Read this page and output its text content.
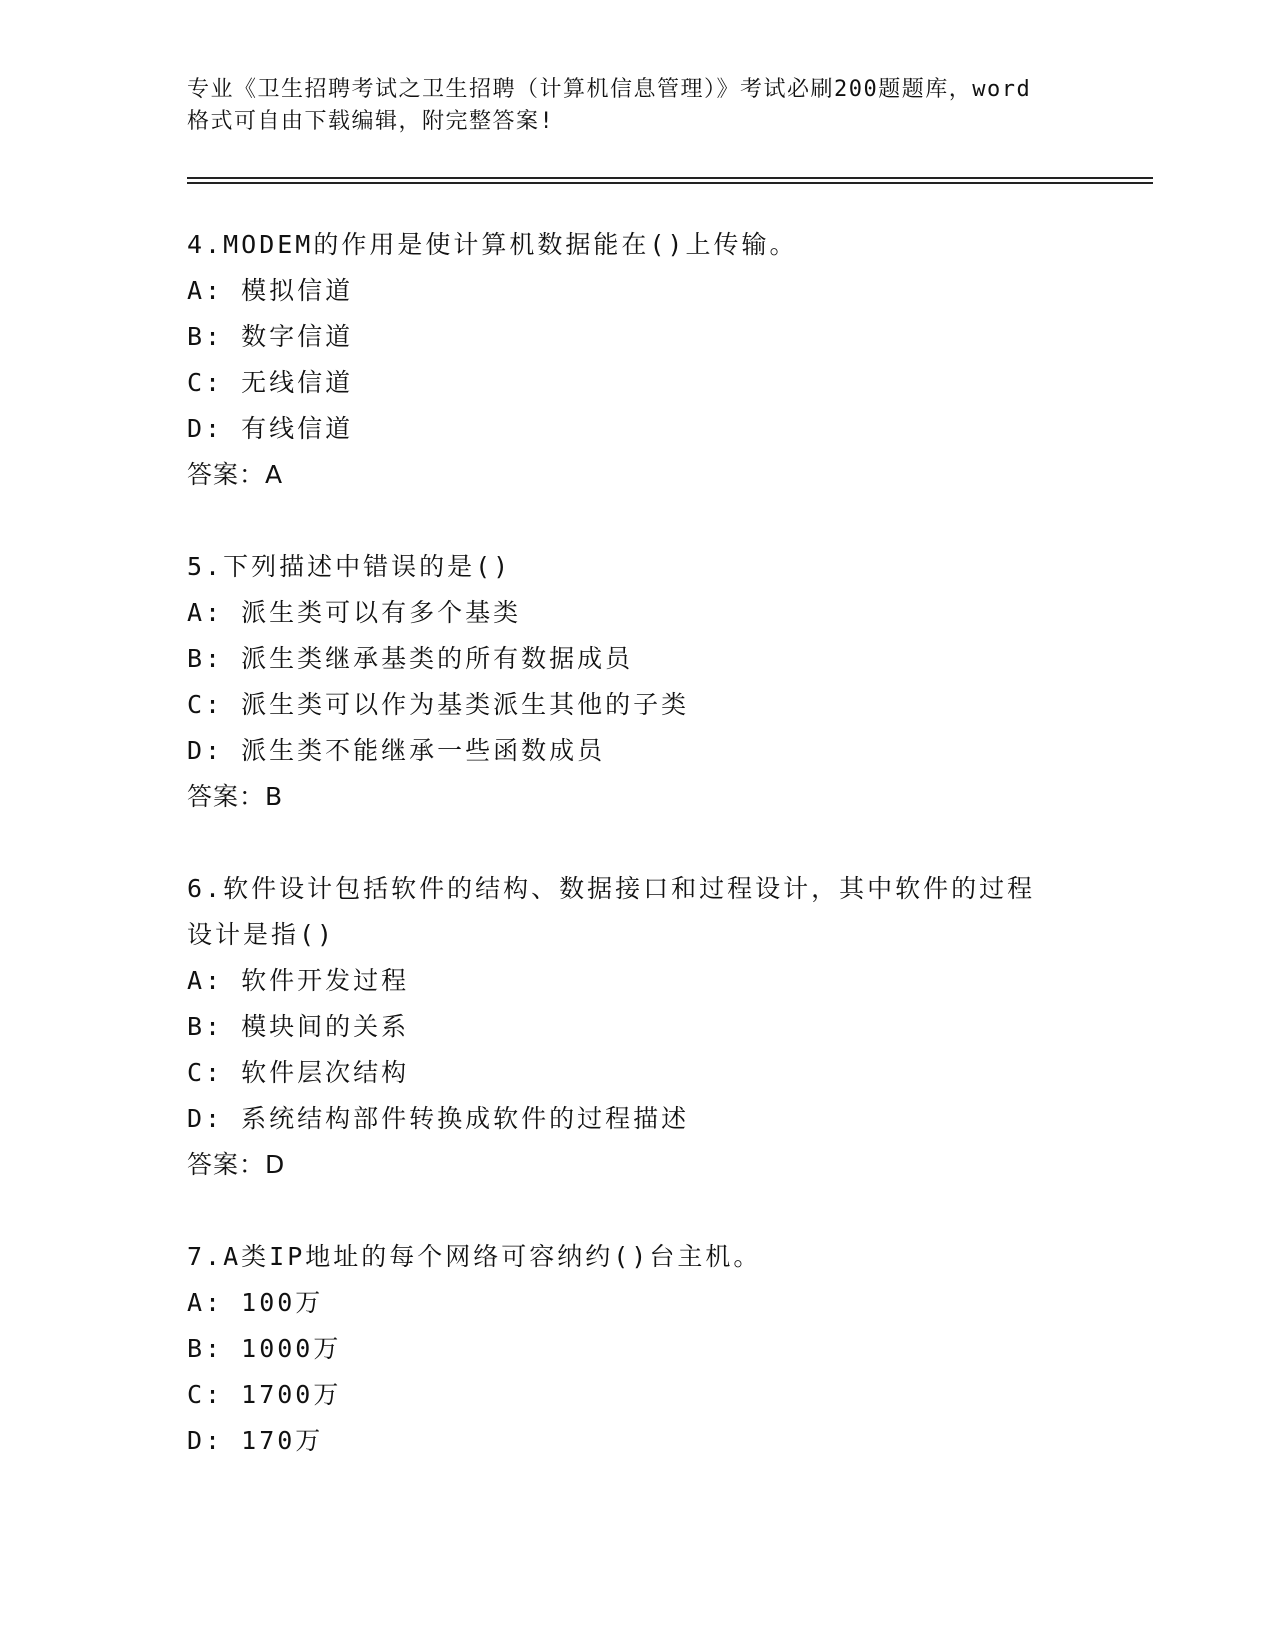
专业《卫生招聘考试之卫生招聘（计算机信息管理）》考试必刷200题题库，word
格式可自由下载编辑，附完整答案!
4.MODEM的作用是使计算机数据能在()上传输。
A: 模拟信道
B: 数字信道
C: 无线信道
D: 有线信道
答案：A
5.下列描述中错误的是()
A: 派生类可以有多个基类
B: 派生类继承基类的所有数据成员
C: 派生类可以作为基类派生其他的子类
D: 派生类不能继承一些函数成员
答案：B
6.软件设计包括软件的结构、数据接口和过程设计，其中软件的过程
设计是指()
A: 软件开发过程
B: 模块间的关系
C: 软件层次结构
D: 系统结构部件转换成软件的过程描述
答案：D
7.A类IP地址的每个网络可容纳约()台主机。
A: 100万
B: 1000万
C: 1700万
D: 170万
